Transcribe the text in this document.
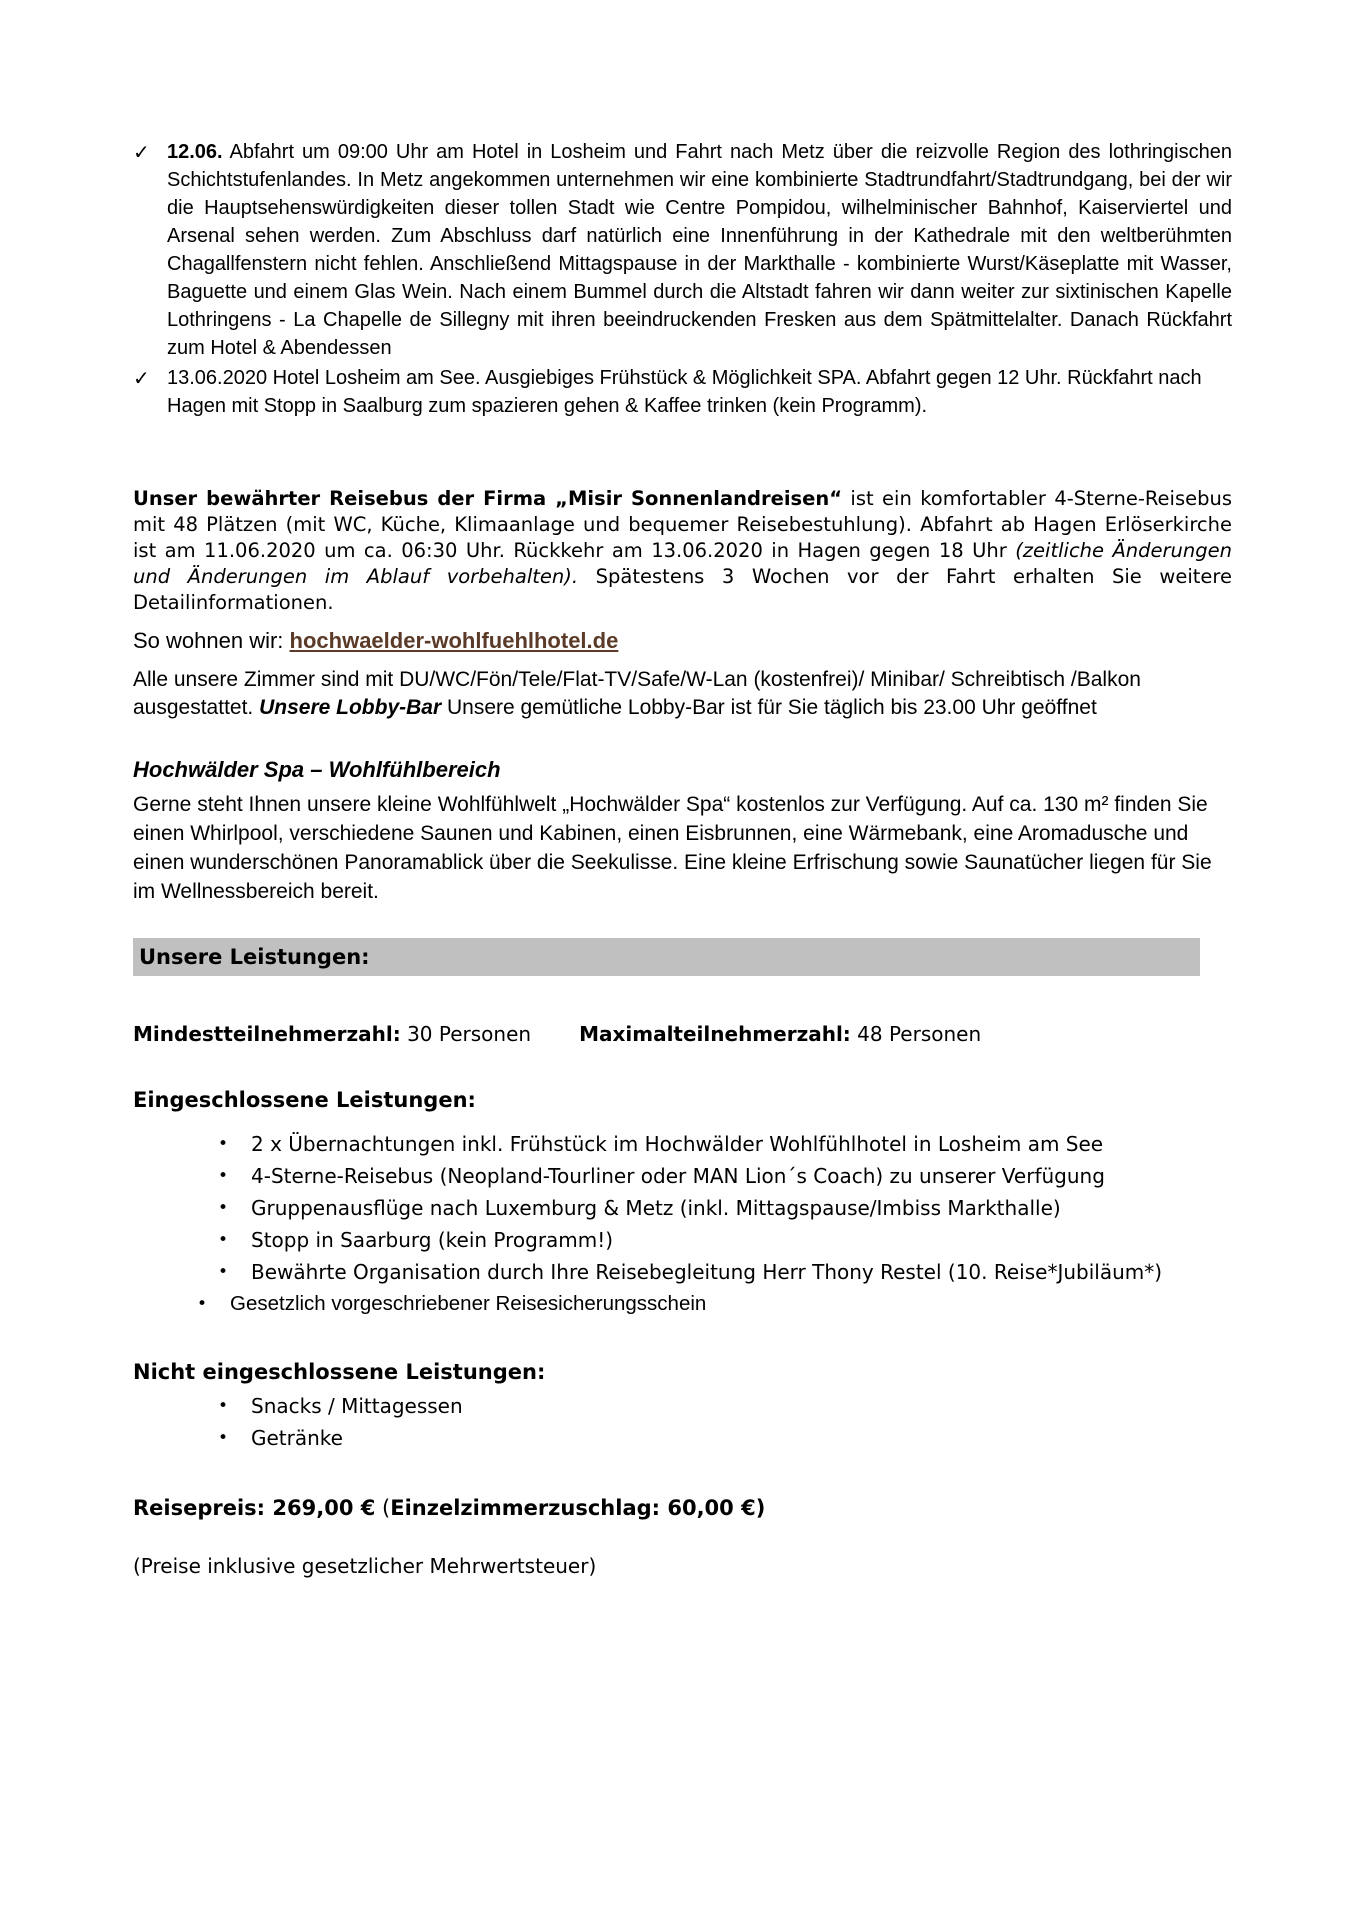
✓ 12.06. Abfahrt um 09:00 Uhr am Hotel in Losheim und Fahrt nach Metz über die reizvolle Region des lothringischen Schichtstufenlandes. In Metz angekommen unternehmen wir eine kombinierte Stadtrundfahrt/Stadtrundgang, bei der wir die Hauptsehenswürdigkeiten dieser tollen Stadt wie Centre Pompidou, wilhelminischer Bahnhof, Kaiserviertel und Arsenal sehen werden. Zum Abschluss darf natürlich eine Innenführung in der Kathedrale mit den weltberühmten Chagallfenstern nicht fehlen. Anschließend Mittagspause in der Markthalle - kombinierte Wurst/Käseplatte mit Wasser, Baguette und einem Glas Wein. Nach einem Bummel durch die Altstadt fahren wir dann weiter zur sixtinischen Kapelle Lothringens - La Chapelle de Sillegny mit ihren beeindruckenden Fresken aus dem Spätmittelalter. Danach Rückfahrt zum Hotel & Abendessen

✓ 13.06.2020 Hotel Losheim am See. Ausgiebiges Frühstück & Möglichkeit SPA. Abfahrt gegen 12 Uhr. Rückfahrt nach Hagen mit Stopp in Saalburg zum spazieren gehen & Kaffee trinken (kein Programm).

Unser bewährter Reisebus der Firma „Misir Sonnenlandreisen“ ist ein komfortabler 4-Sterne-Reisebus mit 48 Plätzen (mit WC, Küche, Klimaanlage und bequemer Reisebestuhlung). Abfahrt ab Hagen Erlöserkirche ist am 11.06.2020 um ca. 06:30 Uhr. Rückkehr am 13.06.2020 in Hagen gegen 18 Uhr (zeitliche Änderungen und Änderungen im Ablauf vorbehalten). Spätestens 3 Wochen vor der Fahrt erhalten Sie weitere Detailinformationen.

So wohnen wir: hochwaelder-wohlfuehlhotel.de

Alle unsere Zimmer sind mit DU/WC/Fön/Tele/Flat-TV/Safe/W-Lan (kostenfrei)/ Minibar/ Schreibtisch /Balkon ausgestattet. Unsere Lobby-Bar Unsere gemütliche Lobby-Bar ist für Sie täglich bis 23.00 Uhr geöffnet

Hochwälder Spa – Wohlfühlbereich

Gerne steht Ihnen unsere kleine Wohlfühlwelt „Hochwälder Spa“ kostenlos zur Verfügung. Auf ca. 130 m² finden Sie einen Whirlpool, verschiedene Saunen und Kabinen, einen Eisbrunnen, eine Wärmebank, eine Aromadusche und einen wunderschönen Panoramablick über die Seekulisse. Eine kleine Erfrischung sowie Saunatücher liegen für Sie im Wellnessbereich bereit.

Unsere Leistungen:

Mindestteilnehmerzahl: 30 Personen Maximalteilnehmerzahl: 48 Personen

Eingeschlossene Leistungen:
•	2 x Übernachtungen inkl. Frühstück im Hochwälder Wohlfühlhotel in Losheim am See
•	4-Sterne-Reisebus (Neopland-Tourliner oder MAN Lion´s Coach) zu unserer Verfügung
•	Gruppenausflüge nach Luxemburg & Metz (inkl. Mittagspause/Imbiss Markthalle)
•	Stopp in Saarburg (kein Programm!)
•	Bewährte Organisation durch Ihre Reisebegleitung Herr Thony Restel (10. Reise*Jubiläum*)
•	Gesetzlich vorgeschriebener Reisesicherungsschein
Nicht eingeschlossene Leistungen:
•	Snacks / Mittagessen
•	Getränke

Reisepreis: 269,00 € (Einzelzimmerzuschlag: 60,00 €)

(Preise inklusive gesetzlicher Mehrwertsteuer)
